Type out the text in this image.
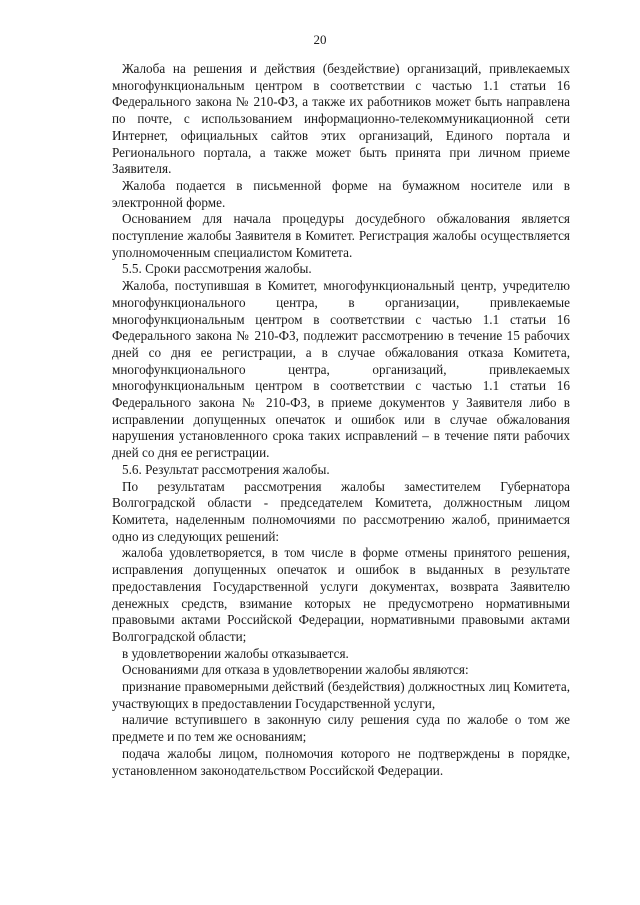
20

Жалоба на решения и действия (бездействие) организаций, привлекаемых многофункциональным центром в соответствии с частью 1.1 статьи 16 Федерального закона № 210-ФЗ, а также их работников может быть направлена по почте, с использованием информационно-телекоммуникационной сети Интернет, официальных сайтов этих организаций, Единого портала и Регионального портала, а также может быть принята при личном приеме Заявителя.

Жалоба подается в письменной форме на бумажном носителе или в электронной форме.

Основанием для начала процедуры досудебного обжалования является поступление жалобы Заявителя в Комитет. Регистрация жалобы осуществляется уполномоченным специалистом Комитета.

5.5. Сроки рассмотрения жалобы.

Жалоба, поступившая в Комитет, многофункциональный центр, учредителю многофункционального центра, в организации, привлекаемые многофункциональным центром в соответствии с частью 1.1 статьи 16 Федерального закона № 210-ФЗ, подлежит рассмотрению в течение 15 рабочих дней со дня ее регистрации, а в случае обжалования отказа Комитета, многофункционального центра, организаций, привлекаемых многофункциональным центром в соответствии с частью 1.1 статьи 16 Федерального закона № 210-ФЗ, в приеме документов у Заявителя либо в исправлении допущенных опечаток и ошибок или в случае обжалования нарушения установленного срока таких исправлений – в течение пяти рабочих дней со дня ее регистрации.

5.6. Результат рассмотрения жалобы.

По результатам рассмотрения жалобы заместителем Губернатора Волгоградской области - председателем Комитета, должностным лицом Комитета, наделенным полномочиями по рассмотрению жалоб, принимается одно из следующих решений:

жалоба удовлетворяется, в том числе в форме отмены принятого решения, исправления допущенных опечаток и ошибок в выданных в результате предоставления Государственной услуги документах, возврата Заявителю денежных средств, взимание которых не предусмотрено нормативными правовыми актами Российской Федерации, нормативными правовыми актами Волгоградской области;

в удовлетворении жалобы отказывается.

Основаниями для отказа в удовлетворении жалобы являются:

признание правомерными действий (бездействия) должностных лиц Комитета, участвующих в предоставлении Государственной услуги,

наличие вступившего в законную силу решения суда по жалобе о том же предмете и по тем же основаниям;

подача жалобы лицом, полномочия которого не подтверждены в порядке, установленном законодательством Российской Федерации.
